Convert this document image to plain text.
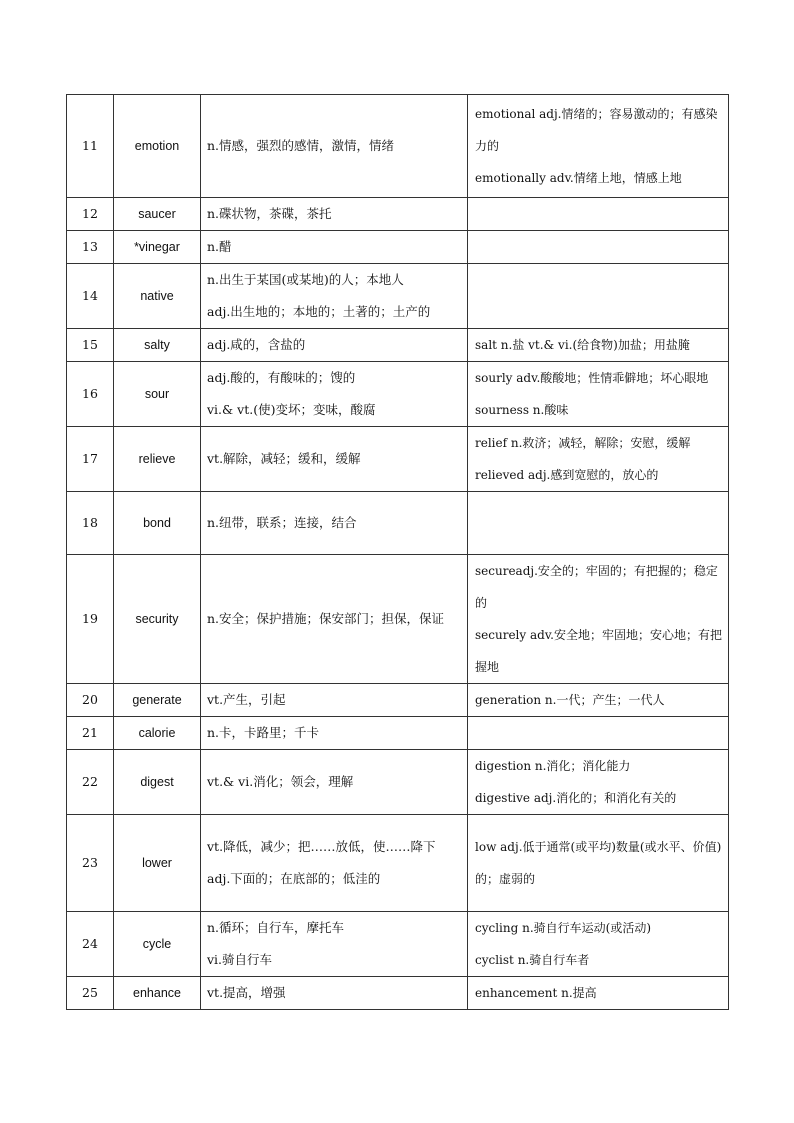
11	emotion	n.情感，强烈的感情，激情，情绪	emotional adj.情绪的；容易激动的；有感染力的
emotionally adv.情绪上地，情感上地

12	saucer	n.碟状物，茶碟，茶托	

13	*vinegar	n.醋	

14	native	n.出生于某国(或某地)的人；本地人
adj.出生地的；本地的；土著的；土产的	

15	salty	adj.咸的，含盐的	salt n.盐 vt.& vi.(给食物)加盐；用盐腌

16	sour	adj.酸的，有酸味的；馊的
vi.& vt.(使)变坏；变味，酸腐	sourly adv.酸酸地；性情乖僻地；坏心眼地
sourness n.酸味

17	relieve	vt.解除，减轻；缓和，缓解	relief n.救济；减轻，解除；安慰，缓解
relieved adj.感到宽慰的，放心的

18	bond	n.纽带，联系；连接，结合	

19	security	n.安全；保护措施；保安部门；担保，保证	secureadj.安全的；牢固的；有把握的；稳定的
securely adv.安全地；牢固地；安心地；有把握地

20	generate	vt.产生，引起	generation n.一代；产生；一代人

21	calorie	n.卡，卡路里；千卡	

22	digest	vt.& vi.消化；领会，理解	digestion n.消化；消化能力
digestive adj.消化的；和消化有关的

23	lower	vt.降低，减少；把……放低，使……降下
adj.下面的；在底部的；低洼的	low adj.低于通常(或平均)数量(或水平、价值)的；虚弱的

24	cycle	n.循环；自行车，摩托车
vi.骑自行车	cycling n.骑自行车运动(或活动)
cyclist n.骑自行车者

25	enhance	vt.提高，增强	enhancement n.提高
